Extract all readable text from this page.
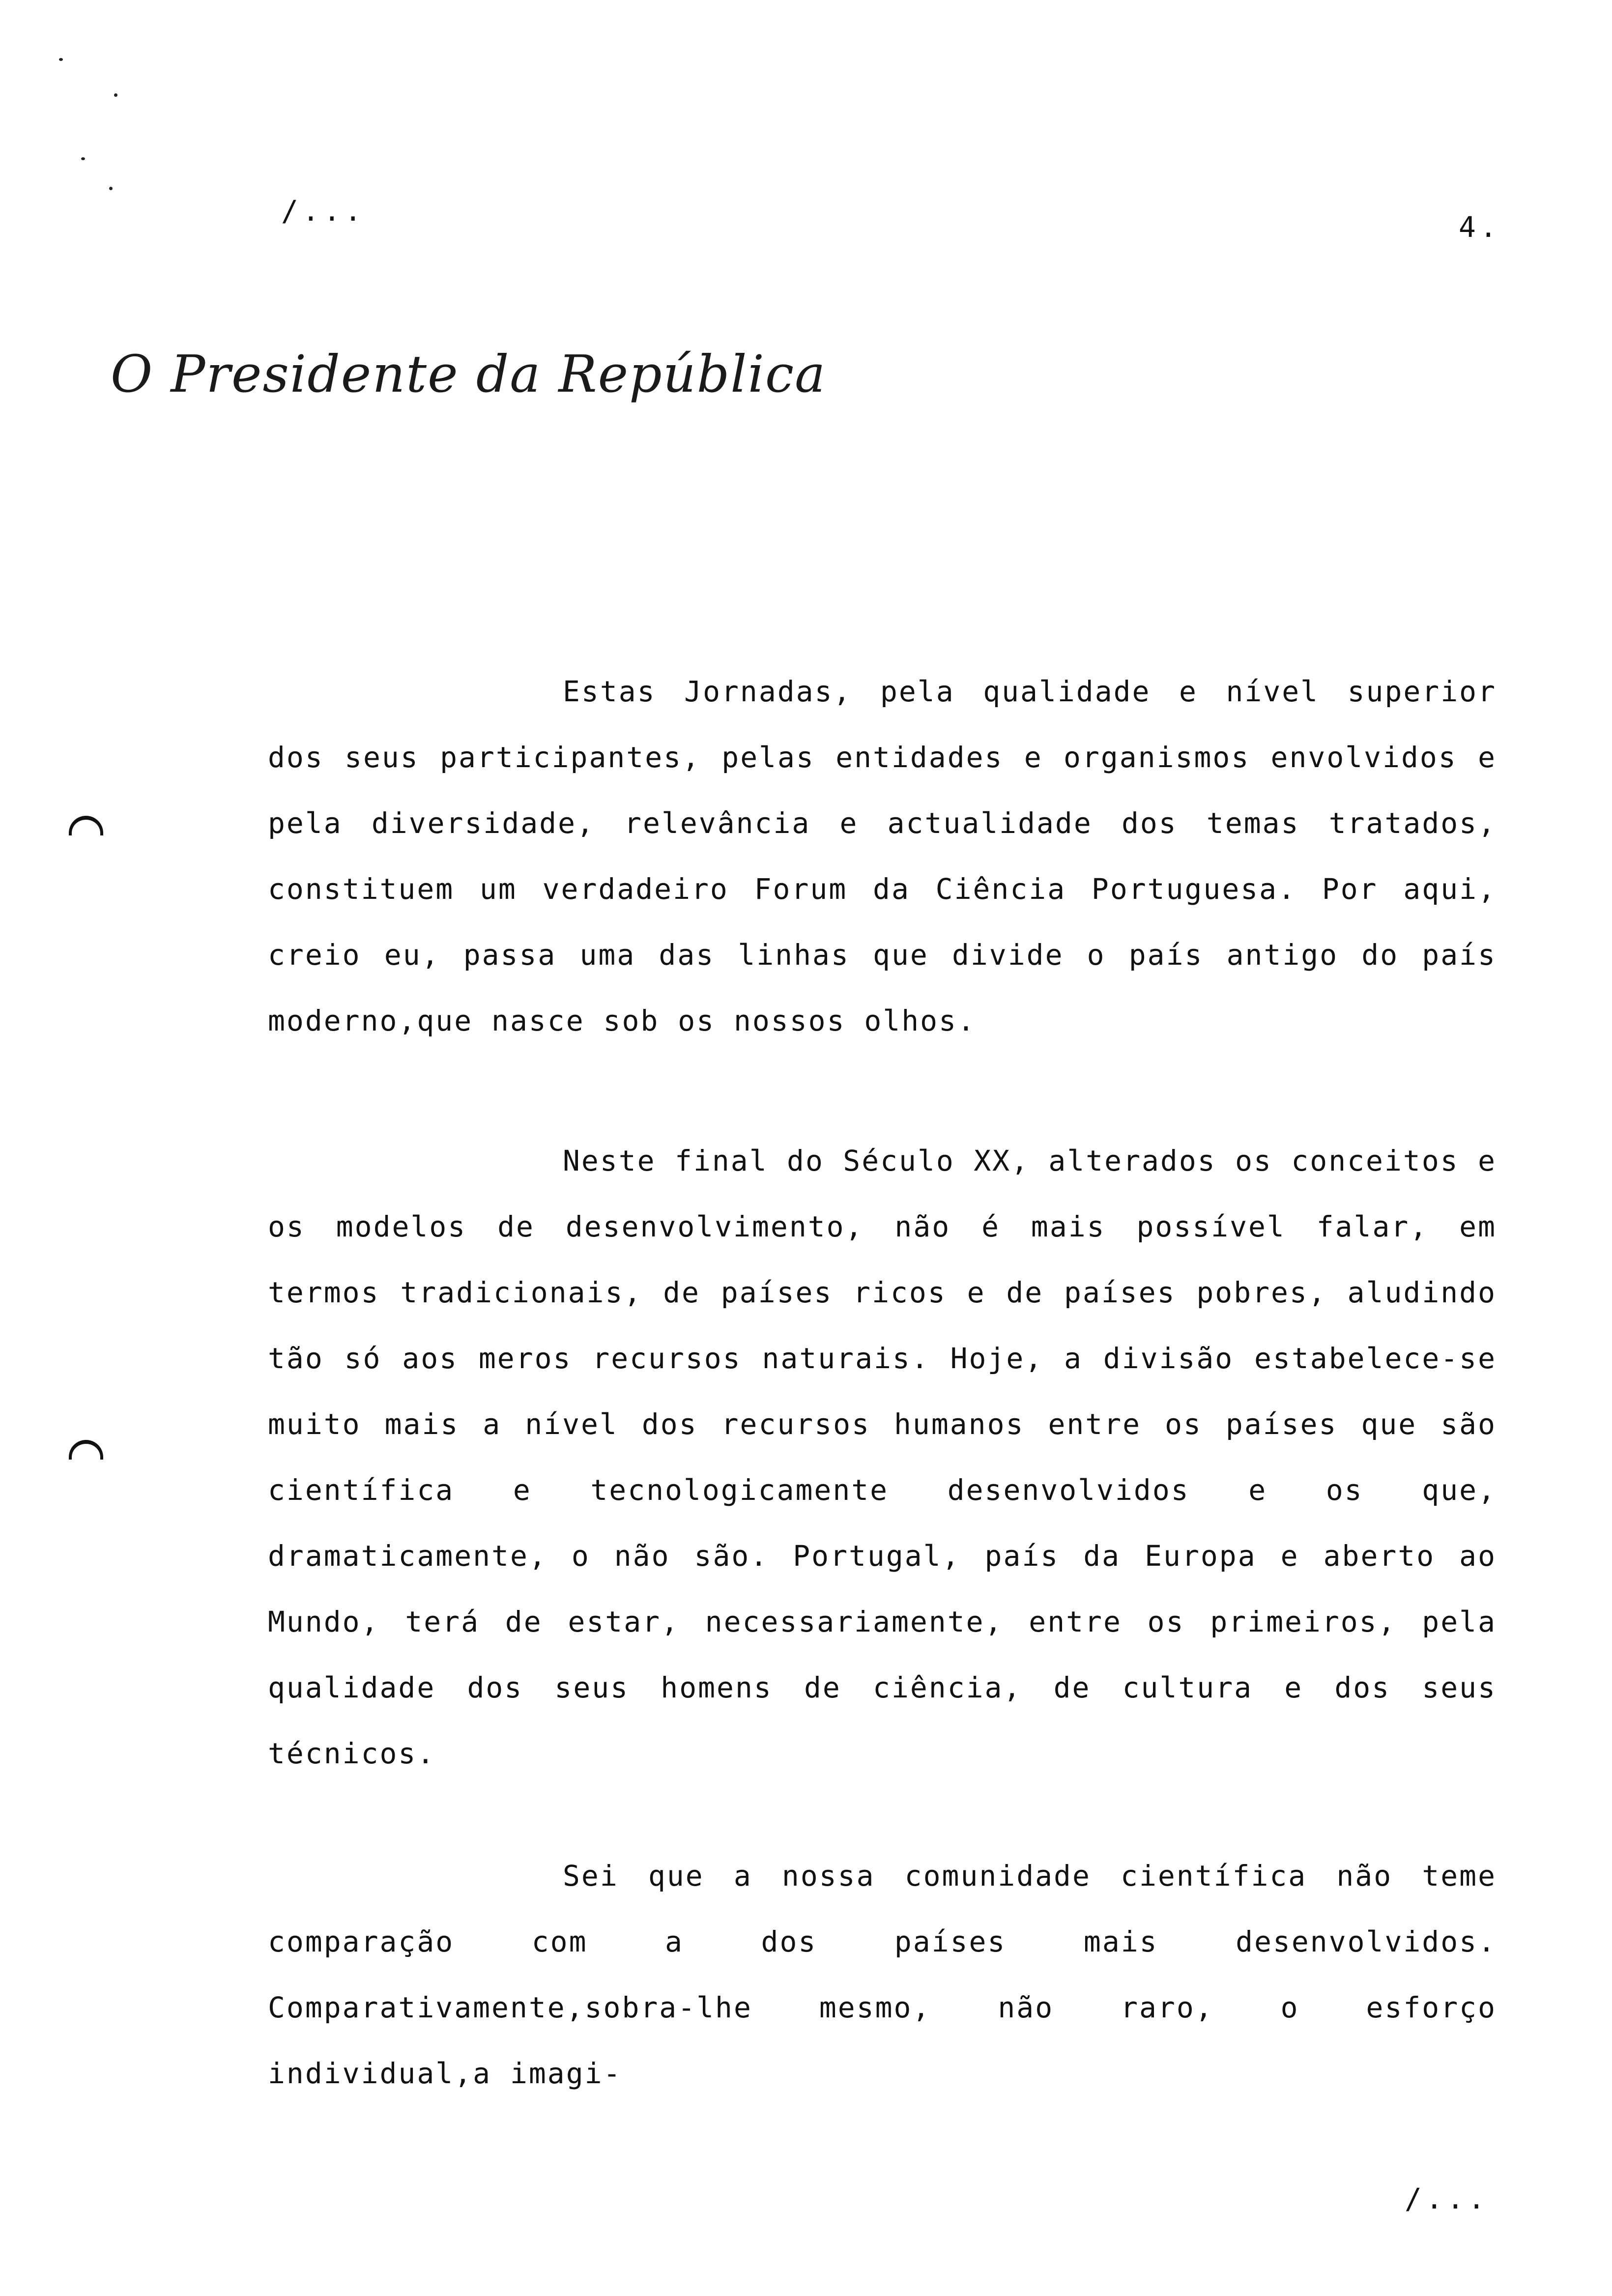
/...	4.
O Presidente da República

Estas Jornadas, pela qualidade e nível superior dos seus participantes, pelas entidades e organismos envolvidos e pela diversidade, relevância e actualidade dos temas tratados, constituem um verdadeiro Forum da Ciência Portuguesa. Por aqui, creio eu, passa uma das linhas que divide o país antigo do país moderno,que nasce sob os nossos olhos.

Neste final do Século XX, alterados os conceitos e os modelos de desenvolvimento, não é mais possível falar, em termos tradicionais, de países ricos e de países pobres, aludindo tão só aos meros recursos naturais. Hoje, a divisão estabelece-se muito mais a nível dos recursos humanos entre os países que são científica e tecnologicamente desenvolvidos e os que, dramaticamente, o não são. Portugal, país da Europa e aberto ao Mundo, terá de estar, necessariamente, entre os primeiros, pela qualidade dos seus homens de ciência, de cultura e dos seus técnicos.

Sei que a nossa comunidade científica não teme comparação com a dos países mais desenvolvidos. Comparativamente,sobra-lhe mesmo, não raro, o esforço individual,a imagi-

/...
